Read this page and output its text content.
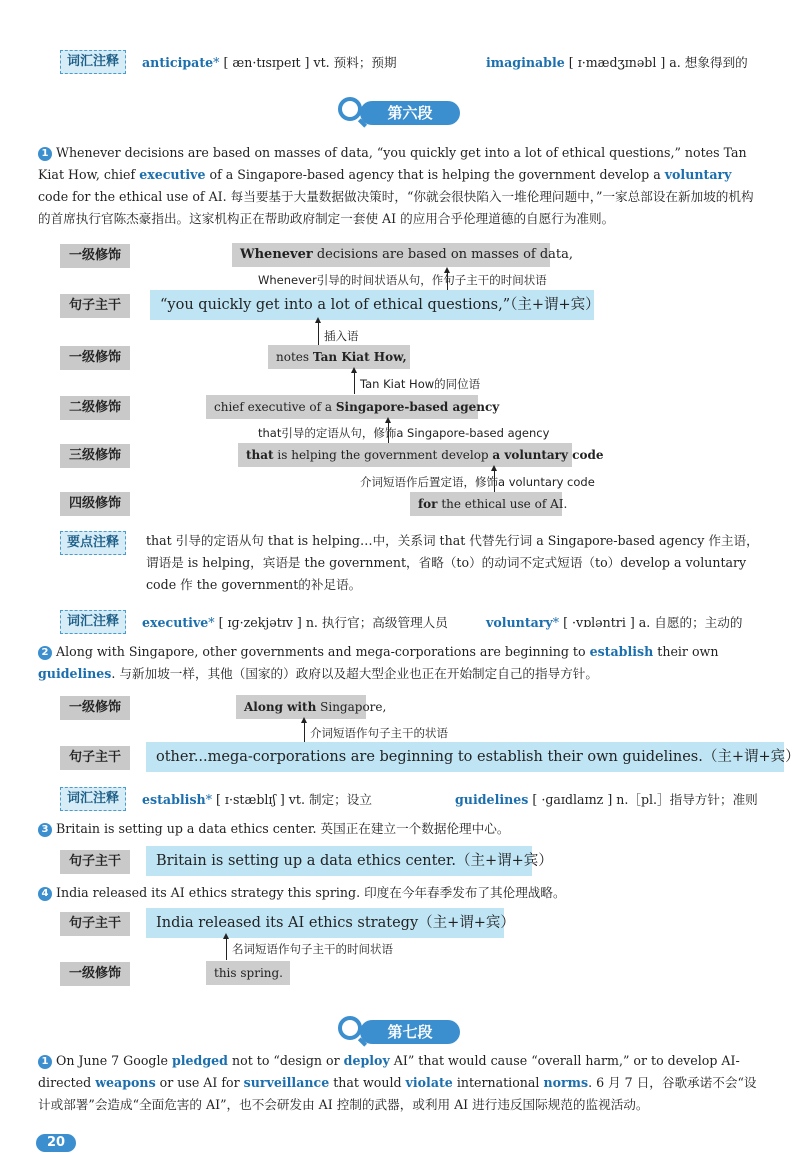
词汇注释	anticipate* [ æn·tɪsɪpeɪt ] vt. 预料；预期	imaginable [ ɪ·mædʒɪnəbl ] a. 想象得到的
第六段
1 Whenever decisions are based on masses of data, “you quickly get into a lot of ethical questions,” notes Tan Kiat How, chief executive of a Singapore-based agency that is helping the government develop a voluntary code for the ethical use of AI. 每当要基于大量数据做决策时，“你就会很快陷入一堆伦理问题中，”一家总部设在新加坡的机构的首席执行官陈杰豪指出。这家机构正在帮助政府制定一套使 AI 的应用合乎伦理道德的自愿行为准则。
一级修饰	Whenever decisions are based on masses of data,
Whenever引导的时间状语从句，作句子主干的时间状语
句子主干	“you quickly get into a lot of ethical questions,”（主+谓+宾）
插入语
一级修饰	notes Tan Kiat How,
Tan Kiat How的同位语
二级修饰	chief executive of a Singapore-based agency
that引导的定语从句，修饰a Singapore-based agency
三级修饰	that is helping the government develop a voluntary code
介词短语作后置定语，修饰a voluntary code
四级修饰	for the ethical use of AI.
要点注释	that 引导的定语从句 that is helping…中，关系词 that 代替先行词 a Singapore-based agency 作主语，谓语是 is helping，宾语是 the government，省略（to）的动词不定式短语（to）develop a voluntary code 作 the government的补足语。
词汇注释	executive* [ ɪɡ·zekjətɪv ] n. 执行官；高级管理人员	voluntary* [ ·vɒləntri ] a. 自愿的；主动的
2 Along with Singapore, other governments and mega-corporations are beginning to establish their own guidelines. 与新加坡一样，其他（国家的）政府以及超大型企业也正在开始制定自己的指导方针。
一级修饰	Along with Singapore,
介词短语作句子主干的状语
句子主干	other...mega-corporations are beginning to establish their own guidelines.（主+谓+宾）
词汇注释	establish* [ ɪ·stæblɪʃ ] vt. 制定；设立	guidelines [ ·ɡaɪdlaɪnz ] n.［pl.］指导方针；准则
3 Britain is setting up a data ethics center. 英国正在建立一个数据伦理中心。
句子主干	Britain is setting up a data ethics center.（主+谓+宾）
4 India released its AI ethics strategy this spring. 印度在今年春季发布了其伦理战略。
句子主干	India released its AI ethics strategy（主+谓+宾）
名词短语作句子主干的时间状语
一级修饰	this spring.
第七段
1 On June 7 Google pledged not to “design or deploy AI” that would cause “overall harm,” or to develop AI-directed weapons or use AI for surveillance that would violate international norms. 6 月 7 日，谷歌承诺不会“设计或部署”会造成“全面危害的 AI”，也不会研发由 AI 控制的武器，或利用 AI 进行违反国际规范的监视活动。
20
